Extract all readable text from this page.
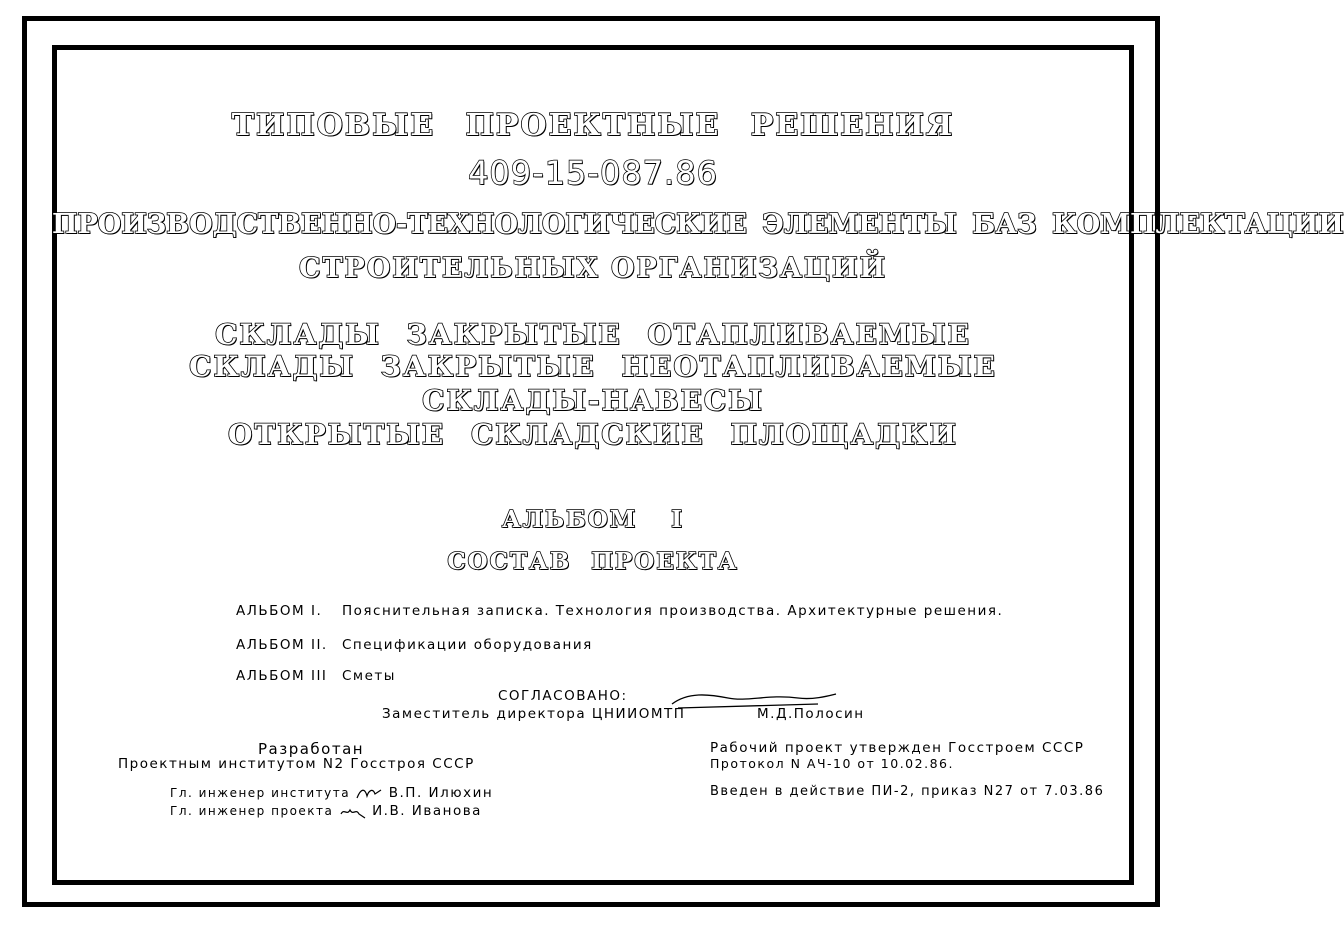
ТИПОВЫЕ ПРОЕКТНЫЕ РЕШЕНИЯ
409-15-087.86
ПРОИЗВОДСТВЕННО-ТЕХНОЛОГИЧЕСКИЕ ЭЛЕМЕНТЫ БАЗ КОМПЛЕКТАЦИИ
СТРОИТЕЛЬНЫХ ОРГАНИЗАЦИЙ
СКЛАДЫ ЗАКРЫТЫЕ ОТАПЛИВАЕМЫЕ
СКЛАДЫ ЗАКРЫТЫЕ НЕОТАПЛИВАЕМЫЕ
СКЛАДЫ-НАВЕСЫ
ОТКРЫТЫЕ СКЛАДСКИЕ ПЛОЩАДКИ
АЛЬБОМ I
СОСТАВ ПРОЕКТА
АЛЬБОМ I. Пояснительная записка. Технология производства. Архитектурные решения.
АЛЬБОМ II. Спецификации оборудования
АЛЬБОМ III Сметы
СОГЛАСОВАНО:
Заместитель директора ЦНИИОМТП	М.Д.Полосин
Разработан
Проектным институтом N2 Госстроя СССР
Гл. инженер института	В.П. Илюхин
Гл. инженер проекта	И.В. Иванова
Рабочий проект утвержден Госстроем СССР
Протокол N АЧ-10 от 10.02.86.
Введен в действие ПИ-2, приказ N27 от 7.03.86
